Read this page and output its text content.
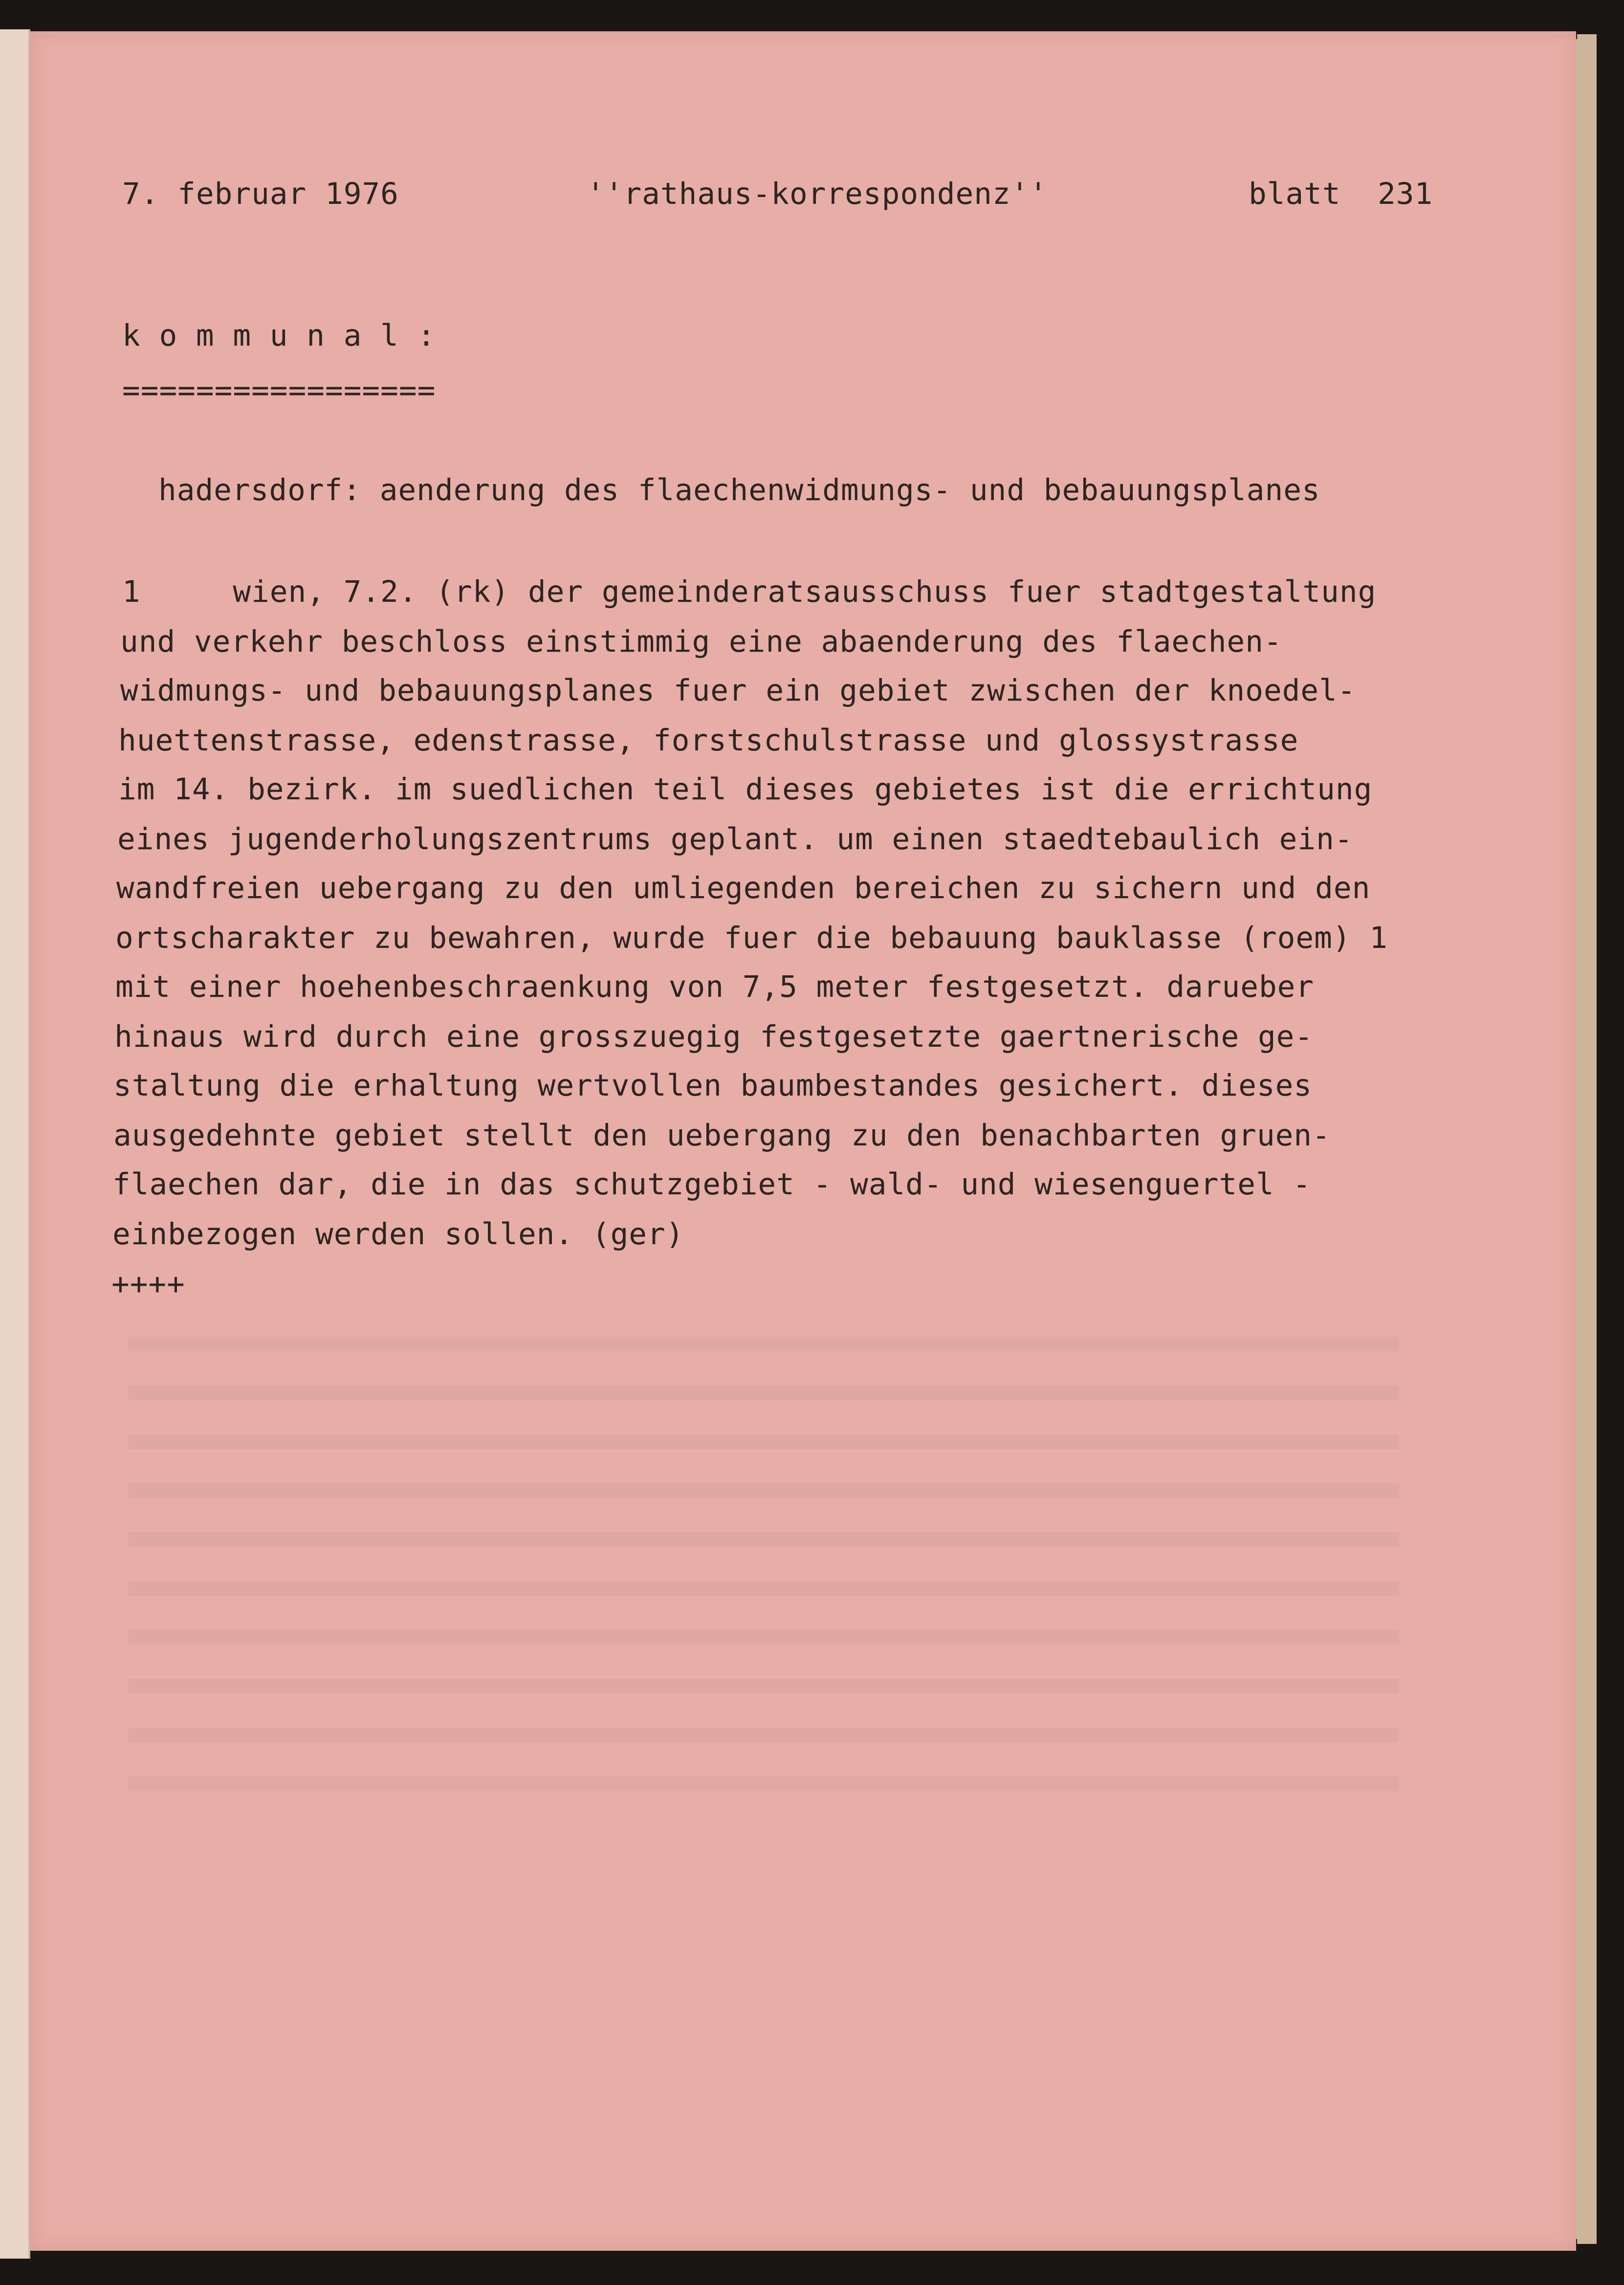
7. februar 1976	''rathaus-korrespondenz''	blatt  231
k o m m u n a l :
=================
hadersdorf: aenderung des flaechenwidmungs- und bebauungsplanes
1     wien, 7.2. (rk) der gemeinderatsausschuss fuer stadtgestaltung
und verkehr beschloss einstimmig eine abaenderung des flaechen-
widmungs- und bebauungsplanes fuer ein gebiet zwischen der knoedel-
huettenstrasse, edenstrasse, forstschulstrasse und glossystrasse
im 14. bezirk. im suedlichen teil dieses gebietes ist die errichtung
eines jugenderholungszentrums geplant. um einen staedtebaulich ein-
wandfreien uebergang zu den umliegenden bereichen zu sichern und den
ortscharakter zu bewahren, wurde fuer die bebauung bauklasse (roem) 1
mit einer hoehenbeschraenkung von 7,5 meter festgesetzt. darueber
hinaus wird durch eine grosszuegig festgesetzte gaertnerische ge-
staltung die erhaltung wertvollen baumbestandes gesichert. dieses
ausgedehnte gebiet stellt den uebergang zu den benachbarten gruen-
flaechen dar, die in das schutzgebiet - wald- und wiesenguertel -
einbezogen werden sollen. (ger)
++++
